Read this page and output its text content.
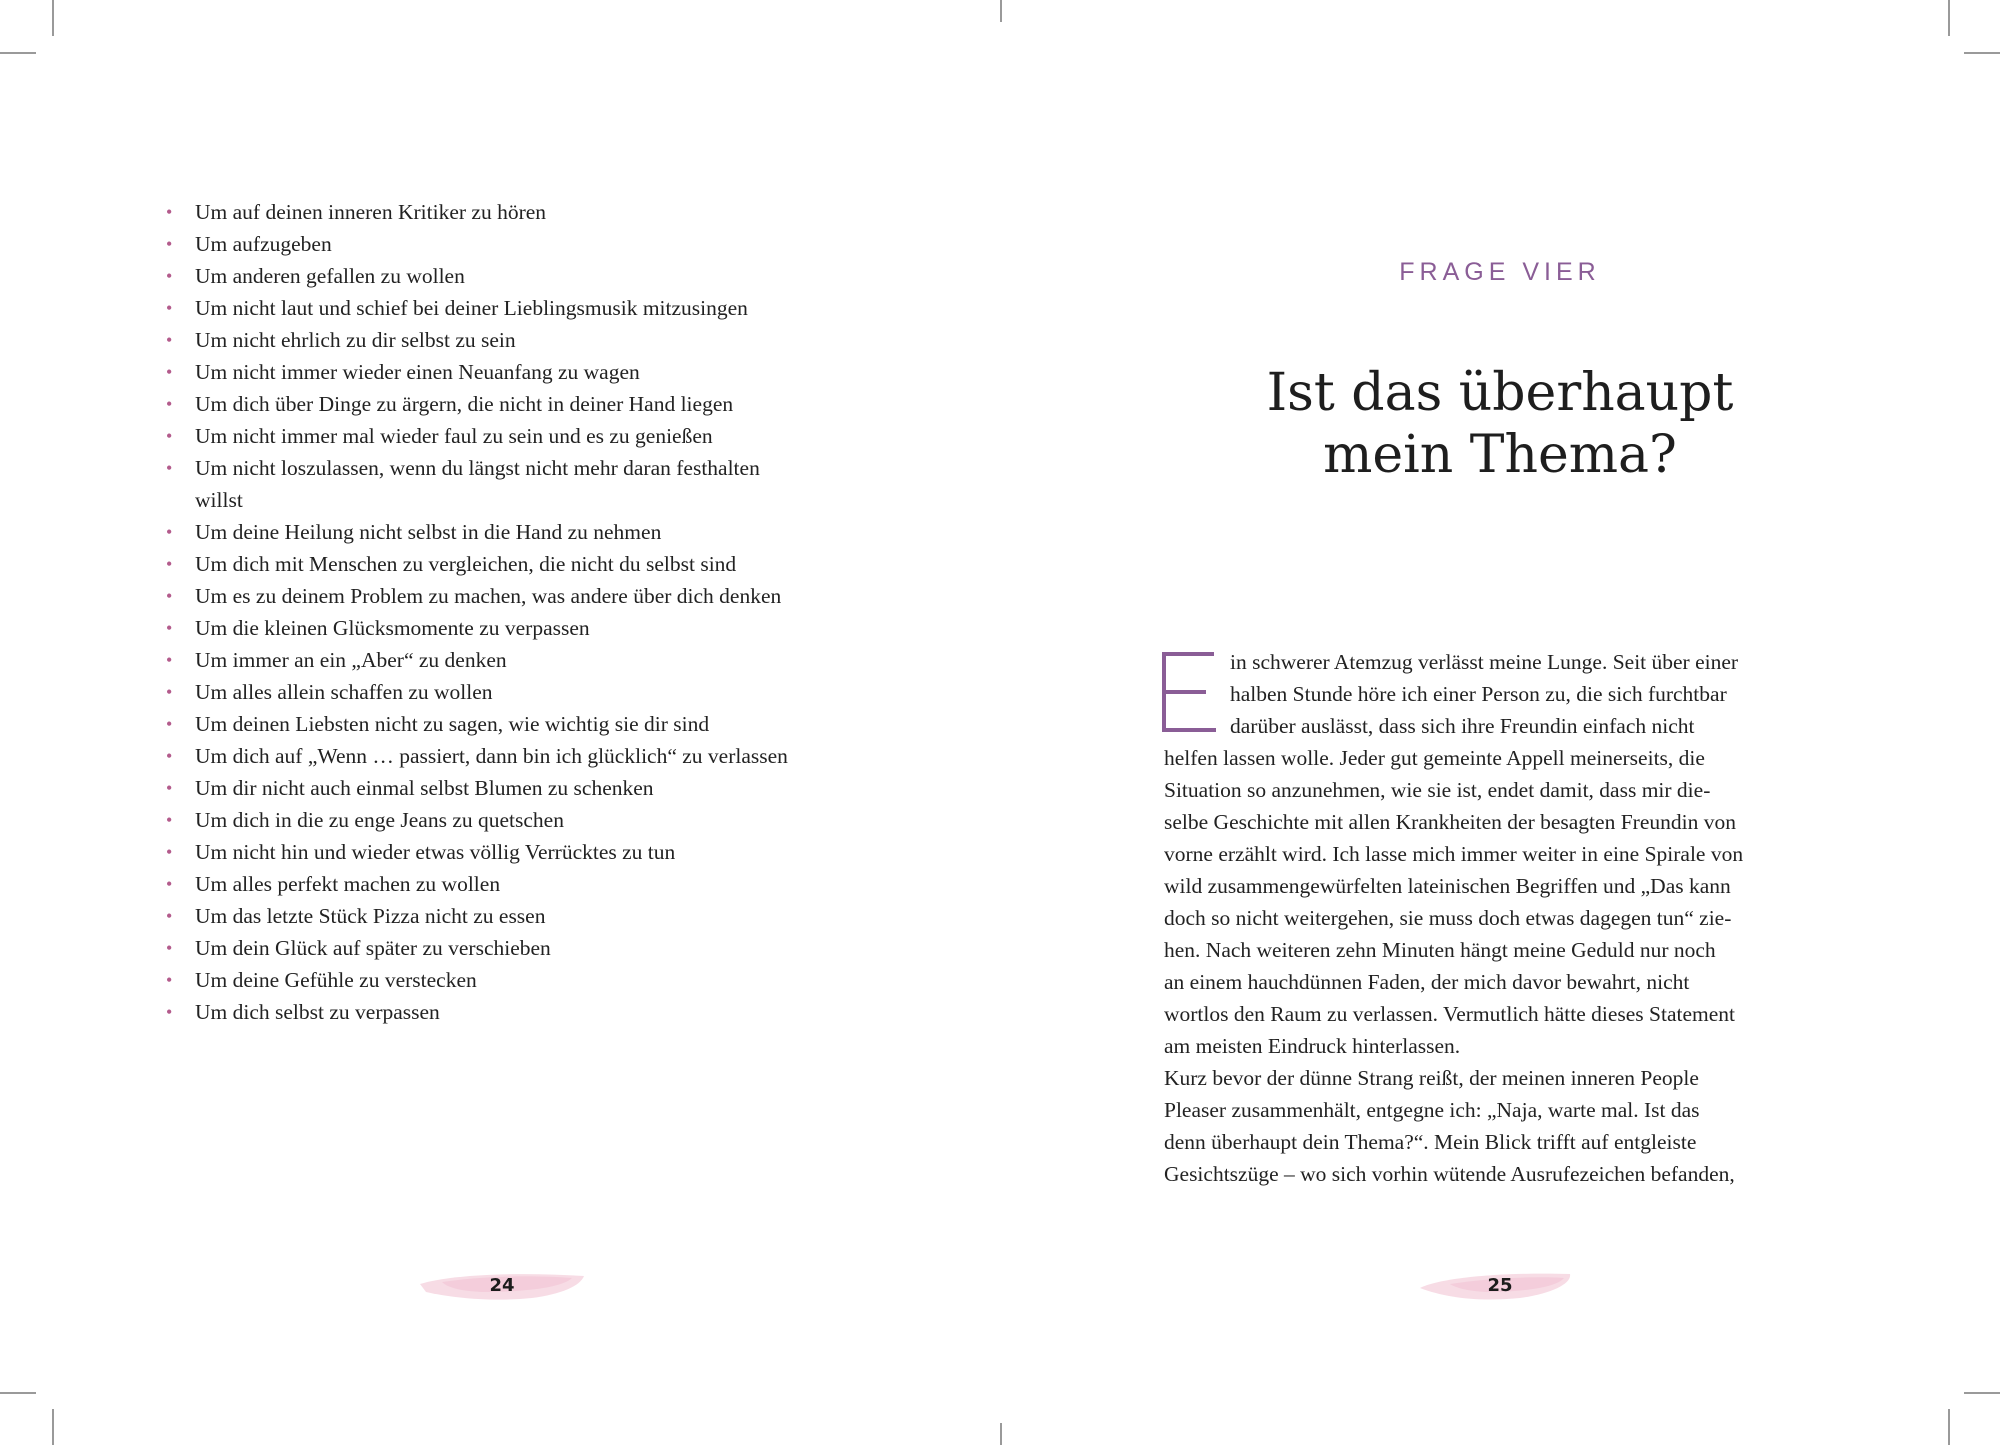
• Um auf deinen inneren Kritiker zu hören
• Um aufzugeben
• Um anderen gefallen zu wollen
• Um nicht laut und schief bei deiner Lieblingsmusik mitzusingen
• Um nicht ehrlich zu dir selbst zu sein
• Um nicht immer wieder einen Neuanfang zu wagen
• Um dich über Dinge zu ärgern, die nicht in deiner Hand liegen
• Um nicht immer mal wieder faul zu sein und es zu genießen
• Um nicht loszulassen, wenn du längst nicht mehr daran festhalten
willst
• Um deine Heilung nicht selbst in die Hand zu nehmen
• Um dich mit Menschen zu vergleichen, die nicht du selbst sind
• Um es zu deinem Problem zu machen, was andere über dich denken
• Um die kleinen Glücksmomente zu verpassen
• Um immer an ein „Aber“ zu denken
• Um alles allein schaffen zu wollen
• Um deinen Liebsten nicht zu sagen, wie wichtig sie dir sind
• Um dich auf „Wenn … passiert, dann bin ich glücklich“ zu verlassen
• Um dir nicht auch einmal selbst Blumen zu schenken
• Um dich in die zu enge Jeans zu quetschen
• Um nicht hin und wieder etwas völlig Verrücktes zu tun
• Um alles perfekt machen zu wollen
• Um das letzte Stück Pizza nicht zu essen
• Um dein Glück auf später zu verschieben
• Um deine Gefühle zu verstecken
• Um dich selbst zu verpassen
24
FRAGE VIER
Ist das überhaupt
mein Thema?
E	in schwerer Atemzug verlässt meine Lunge. Seit über einer
halben Stunde höre ich einer Person zu, die sich furchtbar
darüber auslässt, dass sich ihre Freundin einfach nicht
helfen lassen wolle. Jeder gut gemeinte Appell meinerseits, die
Situation so anzunehmen, wie sie ist, endet damit, dass mir die-
selbe Geschichte mit allen Krankheiten der besagten Freundin von
vorne erzählt wird. Ich lasse mich immer weiter in eine Spirale von
wild zusammengewürfelten lateinischen Begriffen und „Das kann
doch so nicht weitergehen, sie muss doch etwas dagegen tun“ zie-
hen. Nach weiteren zehn Minuten hängt meine Geduld nur noch
an einem hauchdünnen Faden, der mich davor bewahrt, nicht
wortlos den Raum zu verlassen. Vermutlich hätte dieses Statement
am meisten Eindruck hinterlassen.
Kurz bevor der dünne Strang reißt, der meinen inneren People
Pleaser zusammenhält, entgegne ich: „Naja, warte mal. Ist das
denn überhaupt dein Thema?“. Mein Blick trifft auf entgleiste
Gesichtszüge – wo sich vorhin wütende Ausrufezeichen befanden,
25
